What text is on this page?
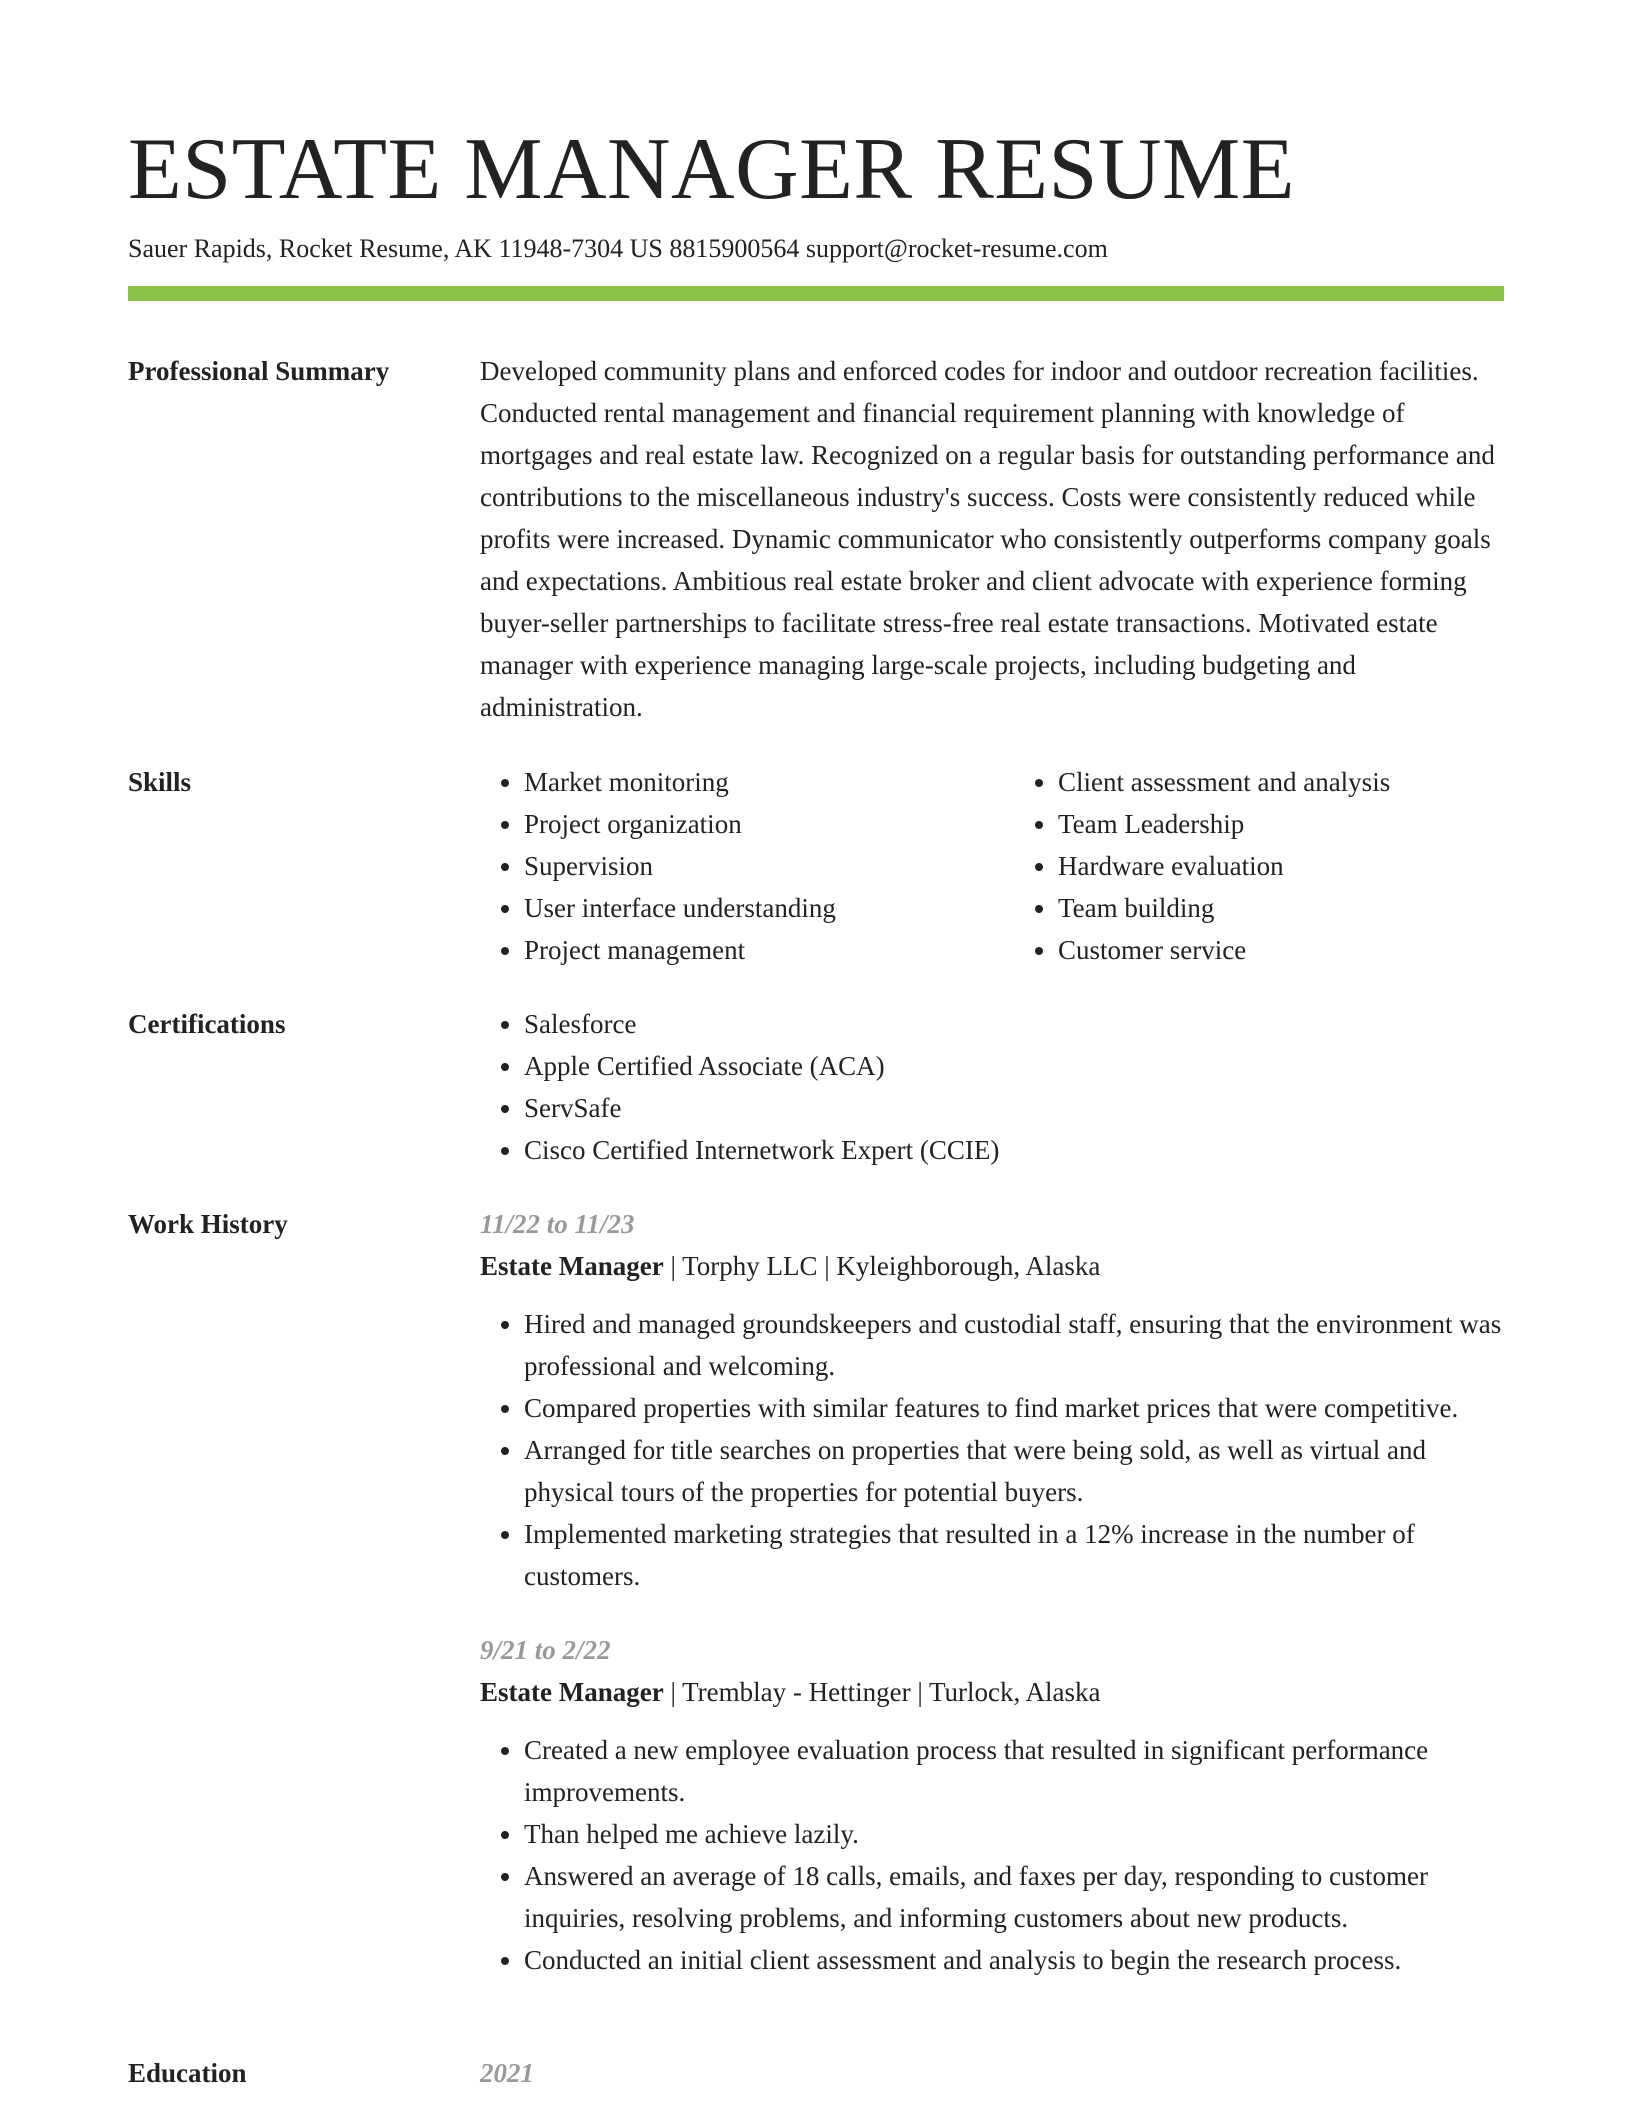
ESTATE MANAGER RESUME
Sauer Rapids, Rocket Resume, AK 11948-7304 US 8815900564 support@rocket-resume.com
Professional Summary	Developed community plans and enforced codes for indoor and outdoor recreation facilities. Conducted rental management and financial requirement planning with knowledge of mortgages and real estate law. Recognized on a regular basis for outstanding performance and contributions to the miscellaneous industry's success. Costs were consistently reduced while profits were increased. Dynamic communicator who consistently outperforms company goals and expectations. Ambitious real estate broker and client advocate with experience forming buyer-seller partnerships to facilitate stress-free real estate transactions. Motivated estate manager with experience managing large-scale projects, including budgeting and administration.

Skills	• Market monitoring
• Project organization
• Supervision
• User interface understanding
• Project management
• Client assessment and analysis
• Team Leadership
• Hardware evaluation
• Team building
• Customer service
Certifications	• Salesforce
• Apple Certified Associate (ACA)
• ServSafe
• Cisco Certified Internetwork Expert (CCIE)
Work History	11/22 to 11/23
Estate Manager | Torphy LLC | Kyleighborough, Alaska
• Hired and managed groundskeepers and custodial staff, ensuring that the environment was professional and welcoming.
• Compared properties with similar features to find market prices that were competitive.
• Arranged for title searches on properties that were being sold, as well as virtual and physical tours of the properties for potential buyers.
• Implemented marketing strategies that resulted in a 12% increase in the number of customers.
9/21 to 2/22
Estate Manager | Tremblay - Hettinger | Turlock, Alaska
• Created a new employee evaluation process that resulted in significant performance improvements.
• Than helped me achieve lazily.
• Answered an average of 18 calls, emails, and faxes per day, responding to customer inquiries, resolving problems, and informing customers about new products.
• Conducted an initial client assessment and analysis to begin the research process.
Education	2021
